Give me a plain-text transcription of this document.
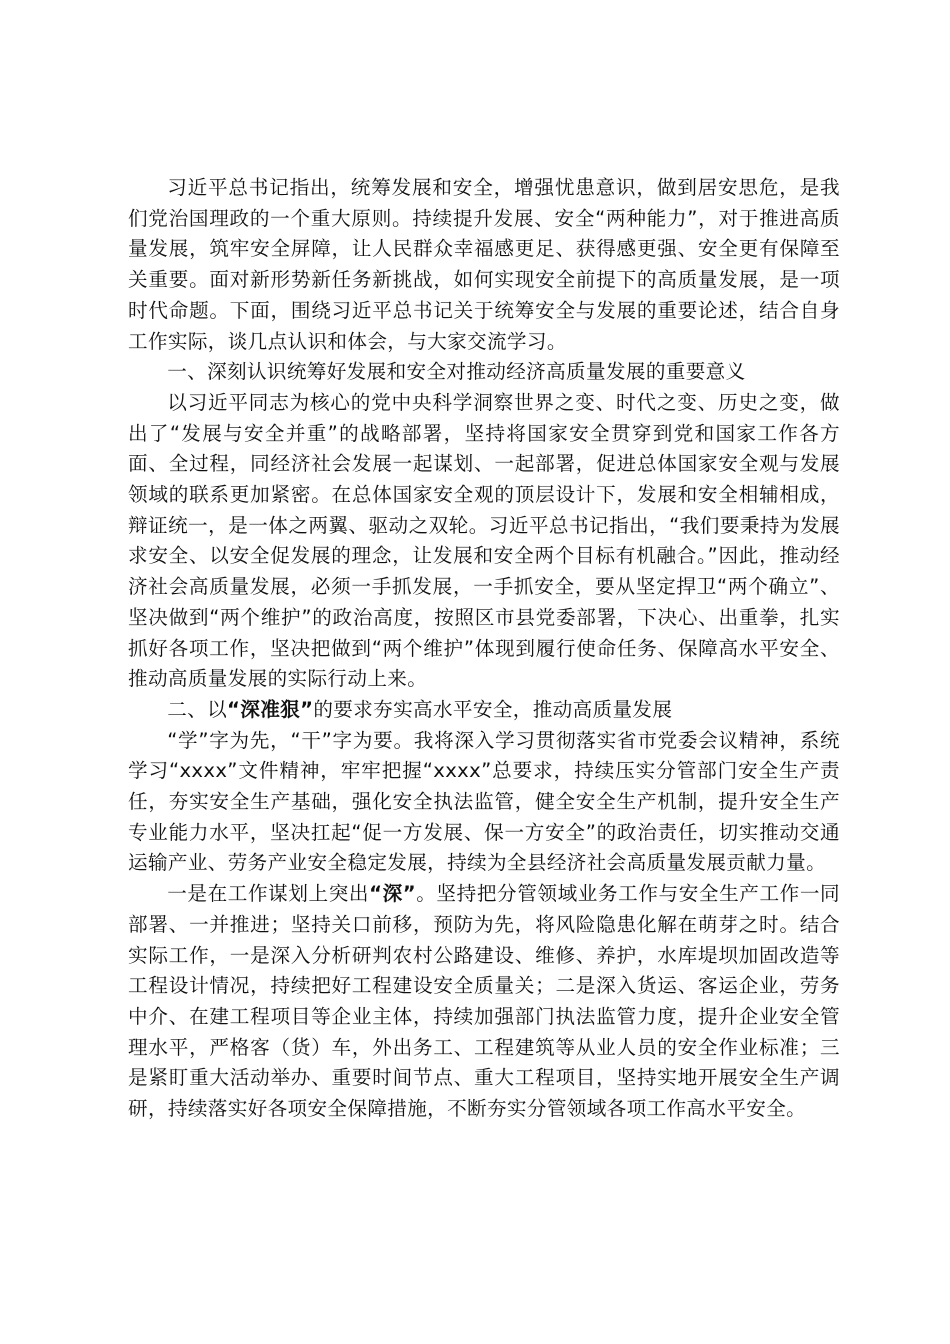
习近平总书记指出，统筹发展和安全，增强忧患意识，做到居安思危，是我们党治国理政的一个重大原则。持续提升发展、安全“两种能力”，对于推进高质量发展，筑牢安全屏障，让人民群众幸福感更足、获得感更强、安全更有保障至关重要。面对新形势新任务新挑战，如何实现安全前提下的高质量发展，是一项时代命题。下面，围绕习近平总书记关于统筹安全与发展的重要论述，结合自身工作实际，谈几点认识和体会，与大家交流学习。

一、深刻认识统筹好发展和安全对推动经济高质量发展的重要意义

以习近平同志为核心的党中央科学洞察世界之变、时代之变、历史之变，做出了“发展与安全并重”的战略部署，坚持将国家安全贯穿到党和国家工作各方面、全过程，同经济社会发展一起谋划、一起部署，促进总体国家安全观与发展领域的联系更加紧密。在总体国家安全观的顶层设计下，发展和安全相辅相成，辩证统一，是一体之两翼、驱动之双轮。习近平总书记指出，“我们要秉持为发展求安全、以安全促发展的理念，让发展和安全两个目标有机融合。”因此，推动经济社会高质量发展，必须一手抓发展，一手抓安全，要从坚定捍卫“两个确立”、坚决做到“两个维护”的政治高度，按照区市县党委部署，下决心、出重拳，扎实抓好各项工作，坚决把做到“两个维护”体现到履行使命任务、保障高水平安全、推动高质量发展的实际行动上来。

二、以“深准狠”的要求夯实高水平安全，推动高质量发展

“学”字为先，“干”字为要。我将深入学习贯彻落实省市党委会议精神，系统学习“xxxx”文件精神，牢牢把握“xxxx”总要求，持续压实分管部门安全生产责任，夯实安全生产基础，强化安全执法监管，健全安全生产机制，提升安全生产专业能力水平，坚决扛起“促一方发展、保一方安全”的政治责任，切实推动交通运输产业、劳务产业安全稳定发展，持续为全县经济社会高质量发展贡献力量。

一是在工作谋划上突出“深”。坚持把分管领域业务工作与安全生产工作一同部署、一并推进；坚持关口前移，预防为先，将风险隐患化解在萌芽之时。结合实际工作，一是深入分析研判农村公路建设、维修、养护，水库堤坝加固改造等工程设计情况，持续把好工程建设安全质量关；二是深入货运、客运企业，劳务中介、在建工程项目等企业主体，持续加强部门执法监管力度，提升企业安全管理水平，严格客（货）车，外出务工、工程建筑等从业人员的安全作业标准；三是紧盯重大活动举办、重要时间节点、重大工程项目，坚持实地开展安全生产调研，持续落实好各项安全保障措施，不断夯实分管领域各项工作高水平安全。
